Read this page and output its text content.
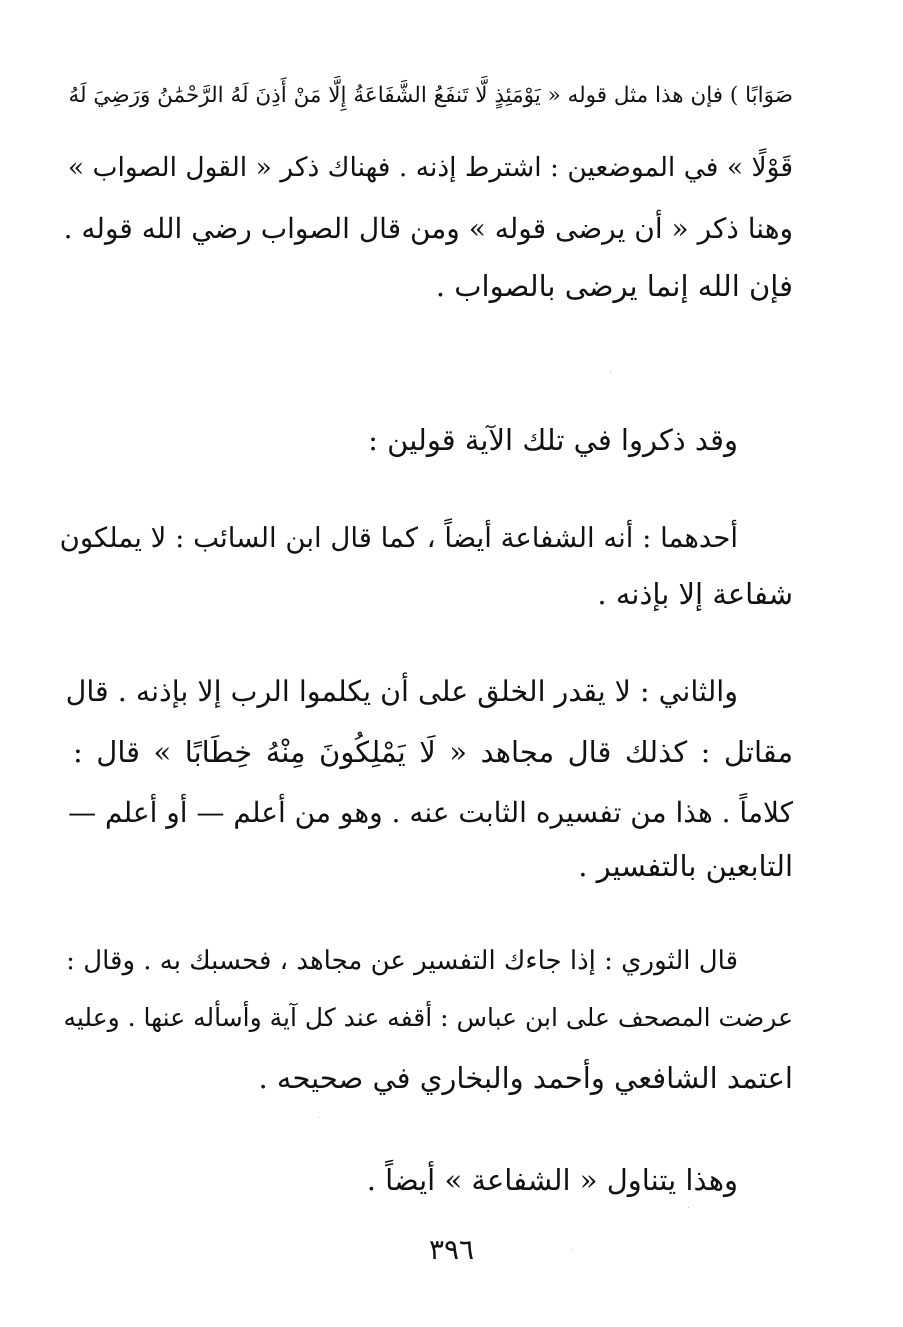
صَوَابًا ) فإن هذا مثل قوله « يَوْمَئِذٍ لَّا تَنفَعُ الشَّفَاعَةُ إِلَّا مَنْ أَذِنَ لَهُ الرَّحْمَٰنُ وَرَضِيَ لَهُ
قَوْلًا » في الموضعين : اشترط إذنه . فهناك ذكر « القول الصواب »
وهنا ذكر « أن يرضى قوله » ومن قال الصواب رضي الله قوله .
فإن الله إنما يرضى بالصواب .
وقد ذكروا في تلك الآية قولين :
أحدهما : أنه الشفاعة أيضاً ، كما قال ابن السائب : لا يملكون
شفاعة إلا بإذنه .
والثاني : لا يقدر الخلق على أن يكلموا الرب إلا بإذنه . قال
مقاتل : كذلك قال مجاهد « لَا يَمْلِكُونَ مِنْهُ خِطَابًا » قال :
كلاماً . هذا من تفسيره الثابت عنه . وهو من أعلم — أو أعلم —
التابعين بالتفسير .
قال الثوري : إذا جاءك التفسير عن مجاهد ، فحسبك به . وقال :
عرضت المصحف على ابن عباس : أقفه عند كل آية وأسأله عنها . وعليه
اعتمد الشافعي وأحمد والبخاري في صحيحه .
وهذا يتناول « الشفاعة » أيضاً .
٣٩٦
